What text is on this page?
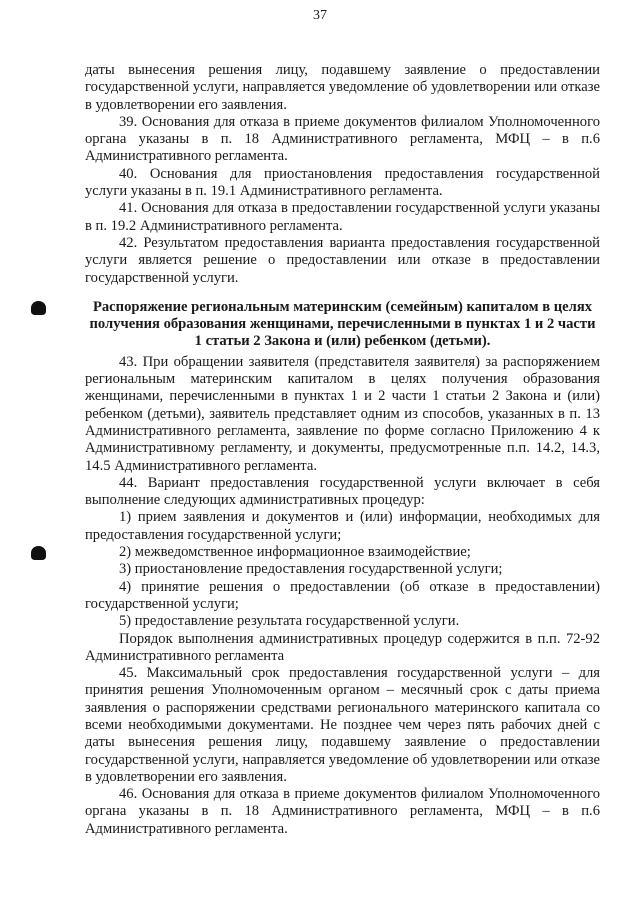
37

даты вынесения решения лицу, подавшему заявление о предоставлении государственной услуги, направляется уведомление об удовлетворении или отказе в удовлетворении его заявления.

39. Основания для отказа в приеме документов филиалом Уполномоченного органа указаны в п. 18 Административного регламента, МФЦ – в п.6 Административного регламента.

40. Основания для приостановления предоставления государственной услуги указаны в п. 19.1 Административного регламента.

41. Основания для отказа в предоставлении государственной услуги указаны в п. 19.2 Административного регламента.

42. Результатом предоставления варианта предоставления государственной услуги является решение о предоставлении или отказе в предоставлении государственной услуги.

Распоряжение региональным материнским (семейным) капиталом в целях получения образования женщинами, перечисленными в пунктах 1 и 2 части 1 статьи 2 Закона и (или) ребенком (детьми).

43. При обращении заявителя (представителя заявителя) за распоряжением региональным материнским капиталом в целях получения образования женщинами, перечисленными в пунктах 1 и 2 части 1 статьи 2 Закона и (или) ребенком (детьми), заявитель представляет одним из способов, указанных в п. 13 Административного регламента, заявление по форме согласно Приложению 4 к Административному регламенту, и документы, предусмотренные п.п. 14.2, 14.3, 14.5 Административного регламента.

44. Вариант предоставления государственной услуги включает в себя выполнение следующих административных процедур:

1) прием заявления и документов и (или) информации, необходимых для предоставления государственной услуги;

2) межведомственное информационное взаимодействие;

3) приостановление предоставления государственной услуги;

4) принятие решения о предоставлении (об отказе в предоставлении) государственной услуги;

5) предоставление результата государственной услуги.

Порядок выполнения административных процедур содержится в п.п. 72-92 Административного регламента

45. Максимальный срок предоставления государственной услуги – для принятия решения Уполномоченным органом – месячный срок с даты приема заявления о распоряжении средствами регионального материнского капитала со всеми необходимыми документами. Не позднее чем через пять рабочих дней с даты вынесения решения лицу, подавшему заявление о предоставлении государственной услуги, направляется уведомление об удовлетворении или отказе в удовлетворении его заявления.

46. Основания для отказа в приеме документов филиалом Уполномоченного органа указаны в п. 18 Административного регламента, МФЦ – в п.6 Административного регламента.
